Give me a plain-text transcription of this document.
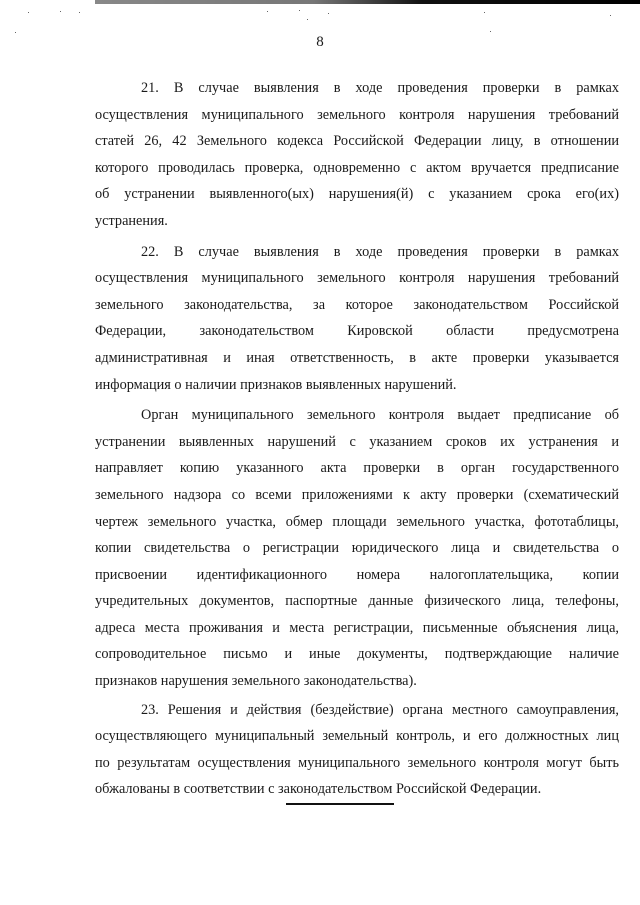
8
21. В случае выявления в ходе проведения проверки в рамках
осуществления муниципального земельного контроля нарушения требований
статей 26, 42 Земельного кодекса Российской Федерации лицу, в отношении
которого проводилась проверка, одновременно с актом вручается предписание
об устранении выявленного(ых) нарушения(й) с указанием срока его(их)
устранения.
22. В случае выявления в ходе проведения проверки в рамках
осуществления муниципального земельного контроля нарушения требований
земельного законодательства, за которое законодательством Российской
Федерации, законодательством Кировской области предусмотрена
административная и иная ответственность, в акте проверки указывается
информация о наличии признаков выявленных нарушений.
Орган муниципального земельного контроля выдает предписание об
устранении выявленных нарушений с указанием сроков их устранения и
направляет копию указанного акта проверки в орган государственного
земельного надзора со всеми приложениями к акту проверки (схематический
чертеж земельного участка, обмер площади земельного участка, фототаблицы,
копии свидетельства о регистрации юридического лица и свидетельства о
присвоении идентификационного номера налогоплательщика, копии
учредительных документов, паспортные данные физического лица, телефоны,
адреса места проживания и места регистрации, письменные объяснения лица,
сопроводительное письмо и иные документы, подтверждающие наличие
признаков нарушения земельного законодательства).
23. Решения и действия (бездействие) органа местного самоуправления,
осуществляющего муниципальный земельный контроль, и его должностных лиц
по результатам осуществления муниципального земельного контроля могут быть
обжалованы в соответствии с законодательством Российской Федерации.
